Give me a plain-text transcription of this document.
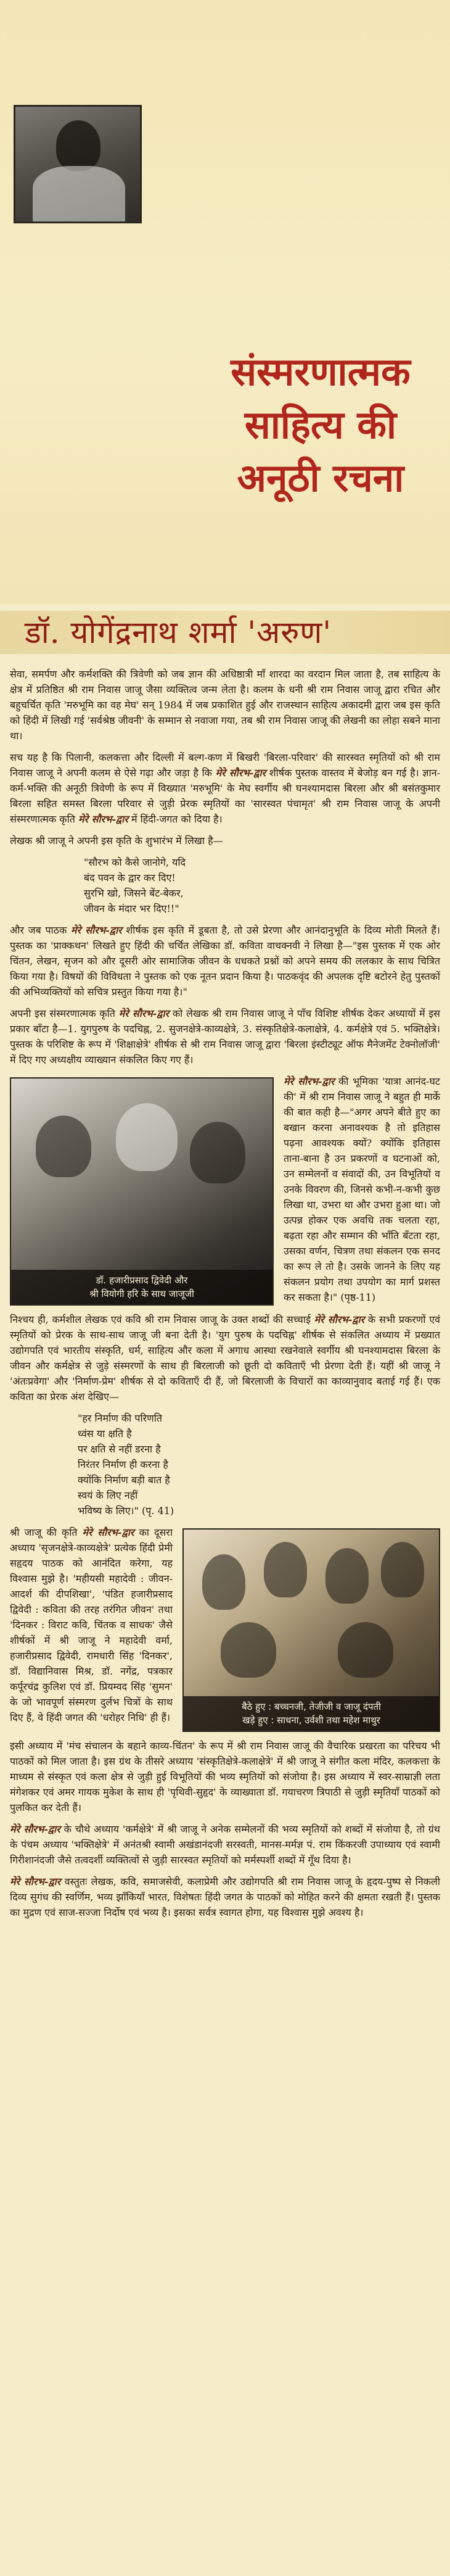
संस्मरणात्मक
साहित्य की
अनूठी रचना
डॉ. योगेंद्रनाथ शर्मा 'अरुण'

सेवा, समर्पण और कर्मशक्ति की त्रिवेणी को जब ज्ञान की अधिष्ठात्री माँ शारदा का वरदान मिल जाता है, तब साहित्य के क्षेत्र में प्रतिष्ठित श्री राम निवास जाजू जैसा व्यक्तित्व जन्म लेता है। कलम के धनी श्री राम निवास जाजू द्वारा रचित और बहुचर्चित कृति 'मरुभूमि का वह मेघ' सन् 1984 में जब प्रकाशित हुई और राजस्थान साहित्य अकादमी द्वारा जब इस कृति को हिंदी में लिखी गई 'सर्वश्रेष्ठ जीवनी' के सम्मान से नवाजा गया, तब श्री राम निवास जाजू की लेखनी का लोहा सबने माना था।

सच यह है कि पिलानी, कलकत्ता और दिल्ली में बल्ग-कण में बिखरी 'बिरला-परिवार' की सारस्वत स्मृतियों को श्री राम निवास जाजू ने अपनी कलम से ऐसे गढ़ा और जड़ा है कि मेरे सौरभ-द्वार शीर्षक पुस्तक वास्तव में बेजोड़ बन गई है। ज्ञान-कर्म-भक्ति की अनूठी त्रिवेणी के रूप में विख्यात 'मरुभूमि' के मेघ स्वर्गीय श्री घनश्यामदास बिरला और श्री बसंतकुमार बिरला सहित समस्त बिरला परिवार से जुड़ी प्रेरक स्मृतियों का 'सारस्वत पंचामृत' श्री राम निवास जाजू के अपनी संस्मरणात्मक कृति मेरे सौरभ-द्वार में हिंदी-जगत को दिया है।

लेखक श्री जाजू ने अपनी इस कृति के शुभारंभ में लिखा है—

"सौरभ को कैसे जानोगे, यदि
बंद पवन के द्वार कर दिए!
सुरभि खो, जिसने बेंट-बेकर,
जीवन के मंदार भर दिए!!"

और जब पाठक मेरे सौरभ-द्वार शीर्षक इस कृति में डूबता है, तो उसे प्रेरणा और आनंदानुभूति के दिव्य मोती मिलते हैं। पुस्तक का 'प्राक्कथन' लिखते हुए हिंदी की चर्चित लेखिका डॉ. कविता वाचक्नवी ने लिखा है—"इस पुस्तक में एक ओर चिंतन, लेखन, सृजन को और दूसरी ओर सामाजिक जीवन के धधकते प्रश्नों को अपने समय की ललकार के साथ चित्रित किया गया है। विषयों की विविधता ने पुस्तक को एक नूतन प्रदान किया है। पाठकवृंद की अपलक दृष्टि बटोरने हेतु पुस्तकों की अभिव्यक्तियों को सचित्र प्रस्तुत किया गया है।"

अपनी इस संस्मरणात्मक कृति मेरे सौरभ-द्वार को लेखक श्री राम निवास जाजू ने पाँच विशिष्ट शीर्षक देकर अध्यायों में इस प्रकार बाँटा है—1. युगपुरुष के पदचिह्न, 2. सुजनक्षेत्रे-काव्यक्षेत्रे, 3. संस्कृतिक्षेत्रे-कलाक्षेत्रे, 4. कर्मक्षेत्रे एवं 5. भक्तिक्षेत्रे। पुस्तक के परिशिष्ट के रूप में 'शिक्षाक्षेत्रे' शीर्षक से श्री राम निवास जाजू द्वारा 'बिरला इंस्टीट्यूट ऑफ मैनेजमेंट टेक्नोलॉजी' में दिए गए अध्यक्षीय व्याख्यान संकलित किए गए हैं।

डॉ. हजारीप्रसाद द्विवेदी और
श्री वियोगी हरि के साथ जाजूजी

मेरे सौरभ-द्वार की भूमिका 'यात्रा आनंद-घट की' में श्री राम निवास जाजू ने बहुत ही मार्के की बात कही है—"अगर अपने बीते हुए का बखान करना अनावश्यक है तो इतिहास पढ़ना आवश्यक क्यों? क्योंकि इतिहास ताना-बाना है उन प्रकरणों व घटनाओं को, उन सम्मेलनों व संवादों की, उन विभूतियों व उनके विवरण की, जिनसे कभी-न-कभी कुछ लिखा था, उभरा था और उभरा हुआ था। जो उत्पन्न होकर एक अवधि तक चलता रहा, बढ़ता रहा और सम्मान की भाँति बँटता रहा, उसका वर्णन, चित्रण तथा संकलन एक सनद का रूप ले तो है। उसके जानने के लिए यह संकलन प्रयोग तथा उपयोग का मार्ग प्रशस्त कर सकता है।" (पृष्ठ-11)

निश्चय ही, कर्मशील लेखक एवं कवि श्री राम निवास जाजू के उक्त शब्दों की सच्चाई मेरे सौरभ-द्वार के सभी प्रकरणों एवं स्मृतियों को प्रेरक के साथ-साथ जाजू जी बना देती है। 'युग पुरुष के पदचिह्न' शीर्षक से संकलित अध्याय में प्रख्यात उद्योगपति एवं भारतीय संस्कृति, धर्म, साहित्य और कला में अगाध आस्था रखनेवाले स्वर्गीय श्री घनश्यामदास बिरला के जीवन और कर्मक्षेत्र से जुड़े संस्मरणों के साथ ही बिरलाजी को छूती दो कविताएँ भी प्रेरणा देती हैं। यहीं श्री जाजू ने 'अंतःप्रवेगा' और 'निर्माण-प्रेम' शीर्षक से दो कविताएँ दी हैं, जो बिरलाजी के विचारों का काव्यानुवाद बताई गई हैं। एक कविता का प्रेरक अंश देखिए—

"हर निर्माण की परिणति
ध्वंस या क्षति है
पर क्षति से नहीं डरना है
निरंतर निर्माण ही करना है
क्योंकि निर्माण बड़ी बात है
स्वयं के लिए नहीं
भविष्य के लिए।" (पृ. 41)
बैठे हुए : बच्चनजी, तेजीजी व जाजू दंपती
खड़े हुए : साधना, उर्वशी तथा महेश माथुर

श्री जाजू की कृति मेरे सौरभ-द्वार का दूसरा अध्याय 'सृजनक्षेत्रे-काव्यक्षेत्रे' प्रत्येक हिंदी प्रेमी सहृदय पाठक को आनंदित करेगा, यह विश्वास मुझे है। 'महीयसी महादेवी : जीवन-आदर्श की दीपशिखा', 'पंडित हजारीप्रसाद द्विवेदी : कविता की तरह तरंगित जीवन' तथा 'दिनकर : विराट कवि, चिंतक व साधक' जैसे शीर्षकों में श्री जाजू ने महादेवी वर्मा, हजारीप्रसाद द्विवेदी, रामधारी सिंह 'दिनकर', डॉ. विद्यानिवास मिश्र, डॉ. नगेंद्र, पत्रकार कर्पूरचंद्र कुलिश एवं डॉ. प्रियम्वद सिंह 'सुमन' के जो भावपूर्ण संस्मरण दुर्लभ चित्रों के साथ दिए हैं, वे हिंदी जगत की 'धरोहर निधि' ही हैं।

इसी अध्याय में 'मंच संचालन के बहाने काव्य-चिंतन' के रूप में श्री राम निवास जाजू की वैचारिक प्रखरता का परिचय भी पाठकों को मिल जाता है। इस ग्रंथ के तीसरे अध्याय 'संस्कृतिक्षेत्रे-कलाक्षेत्रे' में श्री जाजू ने संगीत कला मंदिर, कलकत्ता के माध्यम से संस्कृत एवं कला क्षेत्र से जुड़ी हुई विभूतियों की भव्य स्मृतियों को संजोया है। इस अध्याय में स्वर-साम्राज्ञी लता मंगेशकर एवं अमर गायक मुकेश के साथ ही 'पृथिवी-सुहृद' के व्याख्याता डॉ. गयाचरण त्रिपाठी से जुड़ी स्मृतियाँ पाठकों को पुलकित कर देती हैं।

मेरे सौरभ-द्वार के चौथे अध्याय 'कर्मक्षेत्रे' में श्री जाजू ने अनेक सम्मेलनों की भव्य स्मृतियों को शब्दों में संजोया है, तो ग्रंथ के पंचम अध्याय 'भक्तिक्षेत्रे' में अनंतश्री स्वामी अखंडानंदजी सरस्वती, मानस-मर्मज्ञ पं. राम किंकरजी उपाध्याय एवं स्वामी गिरीशानंदजी जैसे तत्वदर्शी व्यक्तित्वों से जुड़ी सारस्वत स्मृतियों को मर्मस्पर्शी शब्दों में गूँथ दिया है।

मेरे सौरभ-द्वार वस्तुतः लेखक, कवि, समाजसेवी, कलाप्रेमी और उद्योगपति श्री राम निवास जाजू के हृदय-पुष्प से निकली दिव्य सुगंध की स्वर्णिम, भव्य झाँकियाँ भारत, विशेषतः हिंदी जगत के पाठकों को मोहित करने की क्षमता रखती हैं। पुस्तक का मुद्रण एवं साज-सज्जा निर्दोष एवं भव्य है। इसका सर्वत्र स्वागत होगा, यह विश्वास मुझे अवश्य है।
